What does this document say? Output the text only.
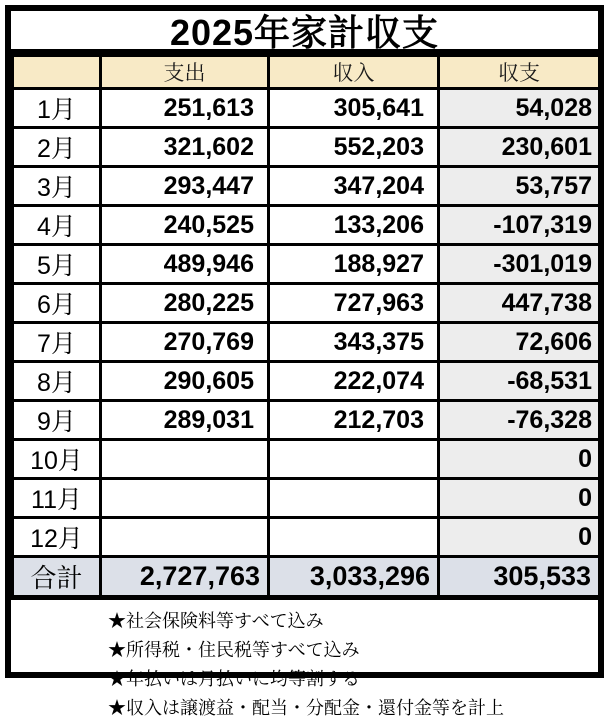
2025年家計収支
	支出	収入	収支
1月	251,613	305,641	54,028
2月	321,602	552,203	230,601
3月	293,447	347,204	53,757
4月	240,525	133,206	-107,319
5月	489,946	188,927	-301,019
6月	280,225	727,963	447,738
7月	270,769	343,375	72,606
8月	290,605	222,074	-68,531
9月	289,031	212,703	-76,328
10月			0
11月			0
12月			0
合計	2,727,763	3,033,296	305,533
★社会保険料等すべて込み
★所得税・住民税等すべて込み
★年払いは月払いに均等割する
★収入は譲渡益・配当・分配金・還付金等を計上
